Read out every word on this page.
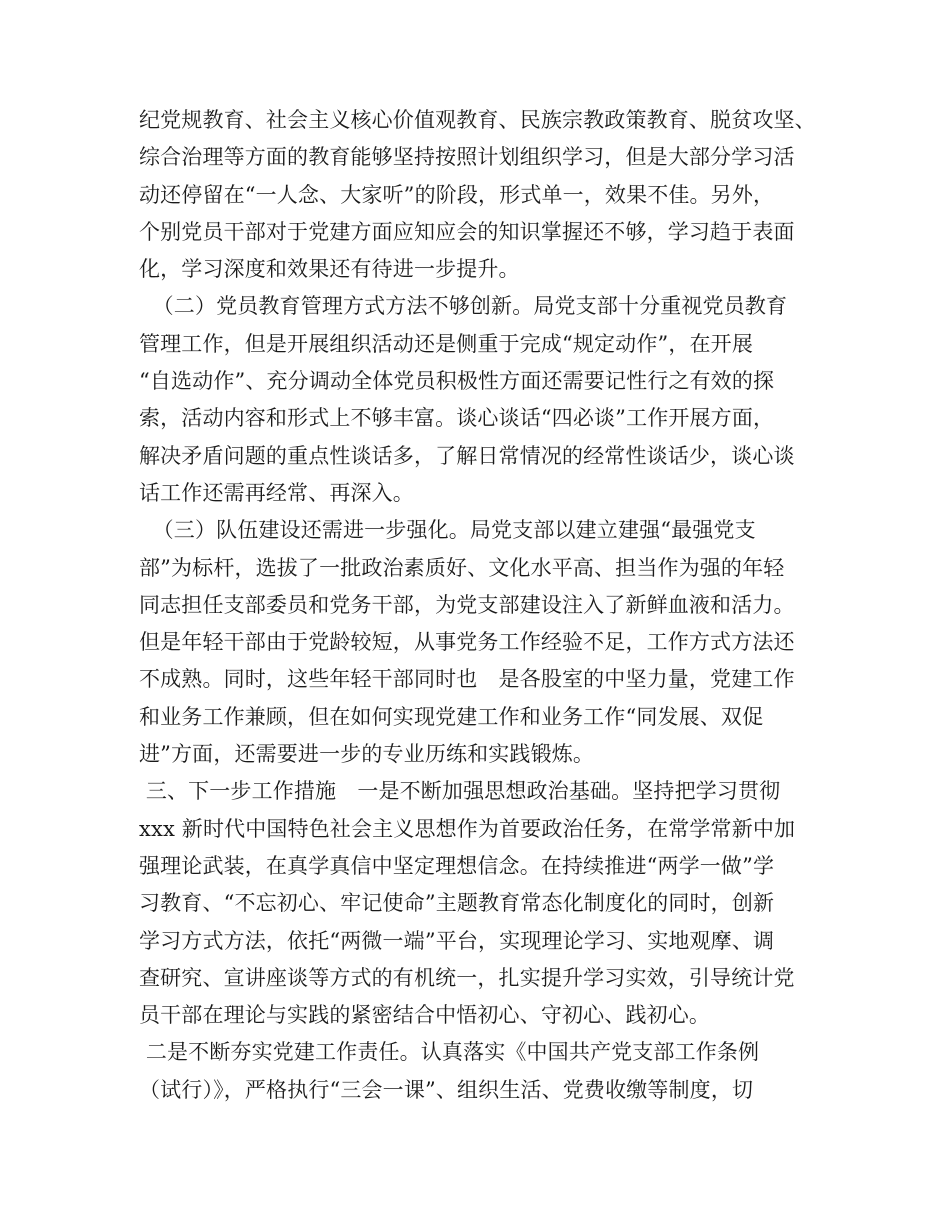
纪党规教育、社会主义核心价值观教育、民族宗教政策教育、脱贫攻坚、
综合治理等方面的教育能够坚持按照计划组织学习，但是大部分学习活
动还停留在“一人念、大家听”的阶段，形式单一，效果不佳。另外，
个别党员干部对于党建方面应知应会的知识掌握还不够，学习趋于表面
化，学习深度和效果还有待进一步提升。
（二）党员教育管理方式方法不够创新。局党支部十分重视党员教育
管理工作，但是开展组织活动还是侧重于完成“规定动作”，在开展
“自选动作”、充分调动全体党员积极性方面还需要记性行之有效的探
索，活动内容和形式上不够丰富。谈心谈话“四必谈”工作开展方面，
解决矛盾问题的重点性谈话多，了解日常情况的经常性谈话少，谈心谈
话工作还需再经常、再深入。
（三）队伍建设还需进一步强化。局党支部以建立建强“最强党支
部”为标杆，选拔了一批政治素质好、文化水平高、担当作为强的年轻
同志担任支部委员和党务干部，为党支部建设注入了新鲜血液和活力。
但是年轻干部由于党龄较短，从事党务工作经验不足，工作方式方法还
不成熟。同时，这些年轻干部同时也　是各股室的中坚力量，党建工作
和业务工作兼顾，但在如何实现党建工作和业务工作“同发展、双促
进”方面，还需要进一步的专业历练和实践锻炼。
三、下一步工作措施　一是不断加强思想政治基础。坚持把学习贯彻
xxx 新时代中国特色社会主义思想作为首要政治任务，在常学常新中加
强理论武装，在真学真信中坚定理想信念。在持续推进“两学一做”学
习教育、“不忘初心、牢记使命”主题教育常态化制度化的同时，创新
学习方式方法，依托“两微一端”平台，实现理论学习、实地观摩、调
查研究、宣讲座谈等方式的有机统一，扎实提升学习实效，引导统计党
员干部在理论与实践的紧密结合中悟初心、守初心、践初心。
二是不断夯实党建工作责任。认真落实《中国共产党支部工作条例
（试行）》，严格执行“三会一课”、组织生活、党费收缴等制度，切
